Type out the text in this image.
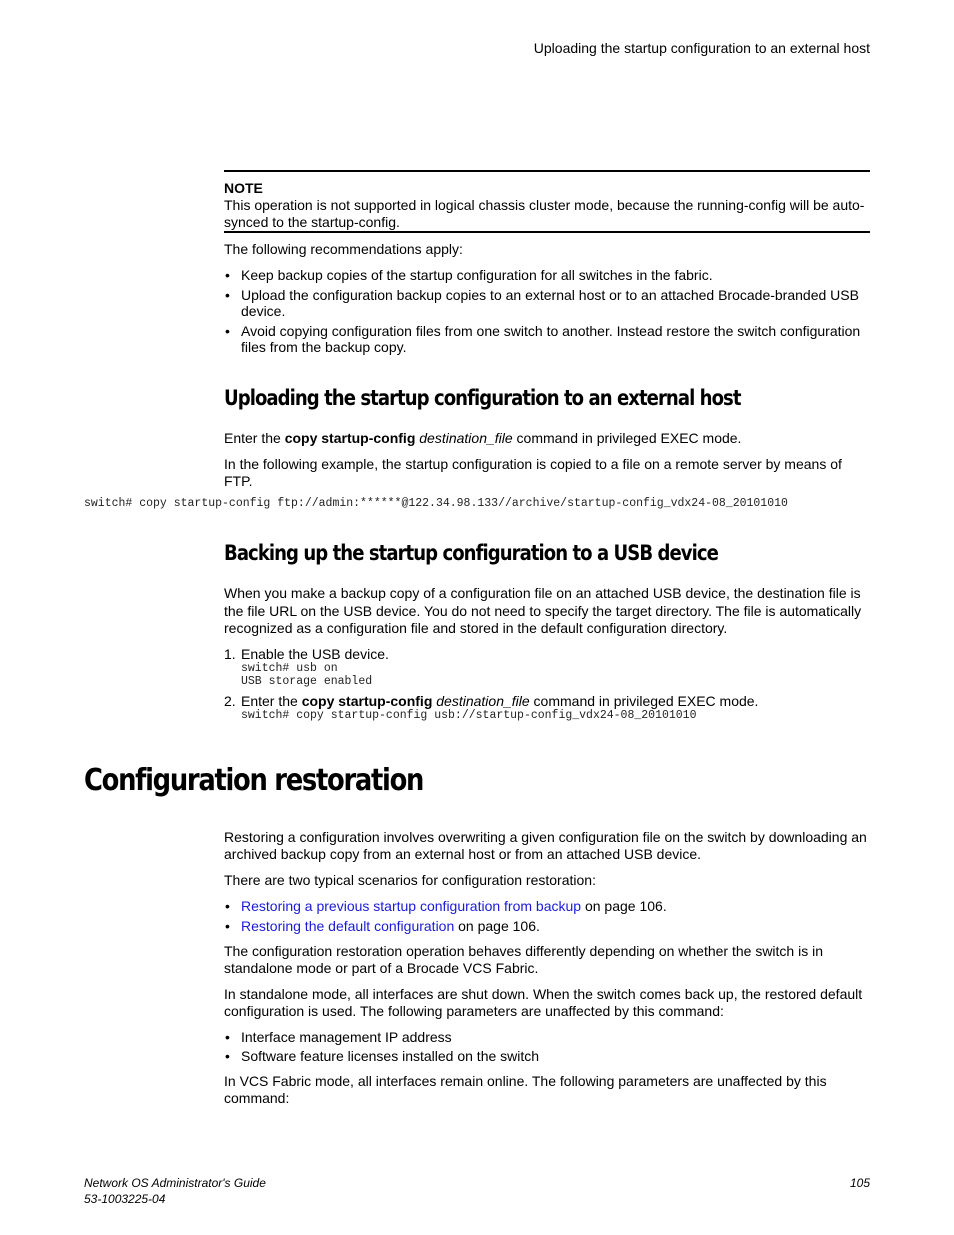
Uploading the startup configuration to an external host

NOTE

This operation is not supported in logical chassis cluster mode, because the running-config will be auto-synced to the startup-config.

The following recommendations apply:

• Keep backup copies of the startup configuration for all switches in the fabric.
• Upload the configuration backup copies to an external host or to an attached Brocade-branded USB device.
• Avoid copying configuration files from one switch to another. Instead restore the switch configuration files from the backup copy.
Uploading the startup configuration to an external host

Enter the copy startup-config destination_file command in privileged EXEC mode.

In the following example, the startup configuration is copied to a file on a remote server by means of FTP.

switch# copy startup-config ftp://admin:******@122.34.98.133//archive/startup-config_vdx24-08_20101010
Backing up the startup configuration to a USB device

When you make a backup copy of a configuration file on an attached USB device, the destination file is the file URL on the USB device. You do not need to specify the target directory. The file is automatically recognized as a configuration file and stored in the default configuration directory.

1. Enable the USB device.

switch# usb on
USB storage enabled
2. Enter the copy startup-config destination_file command in privileged EXEC mode.

switch# copy startup-config usb://startup-config_vdx24-08_20101010
Configuration restoration

Restoring a configuration involves overwriting a given configuration file on the switch by downloading an archived backup copy from an external host or from an attached USB device.

There are two typical scenarios for configuration restoration:

• Restoring a previous startup configuration from backup on page 106.
• Restoring the default configuration on page 106.

The configuration restoration operation behaves differently depending on whether the switch is in standalone mode or part of a Brocade VCS Fabric.

In standalone mode, all interfaces are shut down. When the switch comes back up, the restored default configuration is used. The following parameters are unaffected by this command:

• Interface management IP address
• Software feature licenses installed on the switch

In VCS Fabric mode, all interfaces remain online. The following parameters are unaffected by this command:

Network OS Administrator's Guide
53-1003225-04
105
